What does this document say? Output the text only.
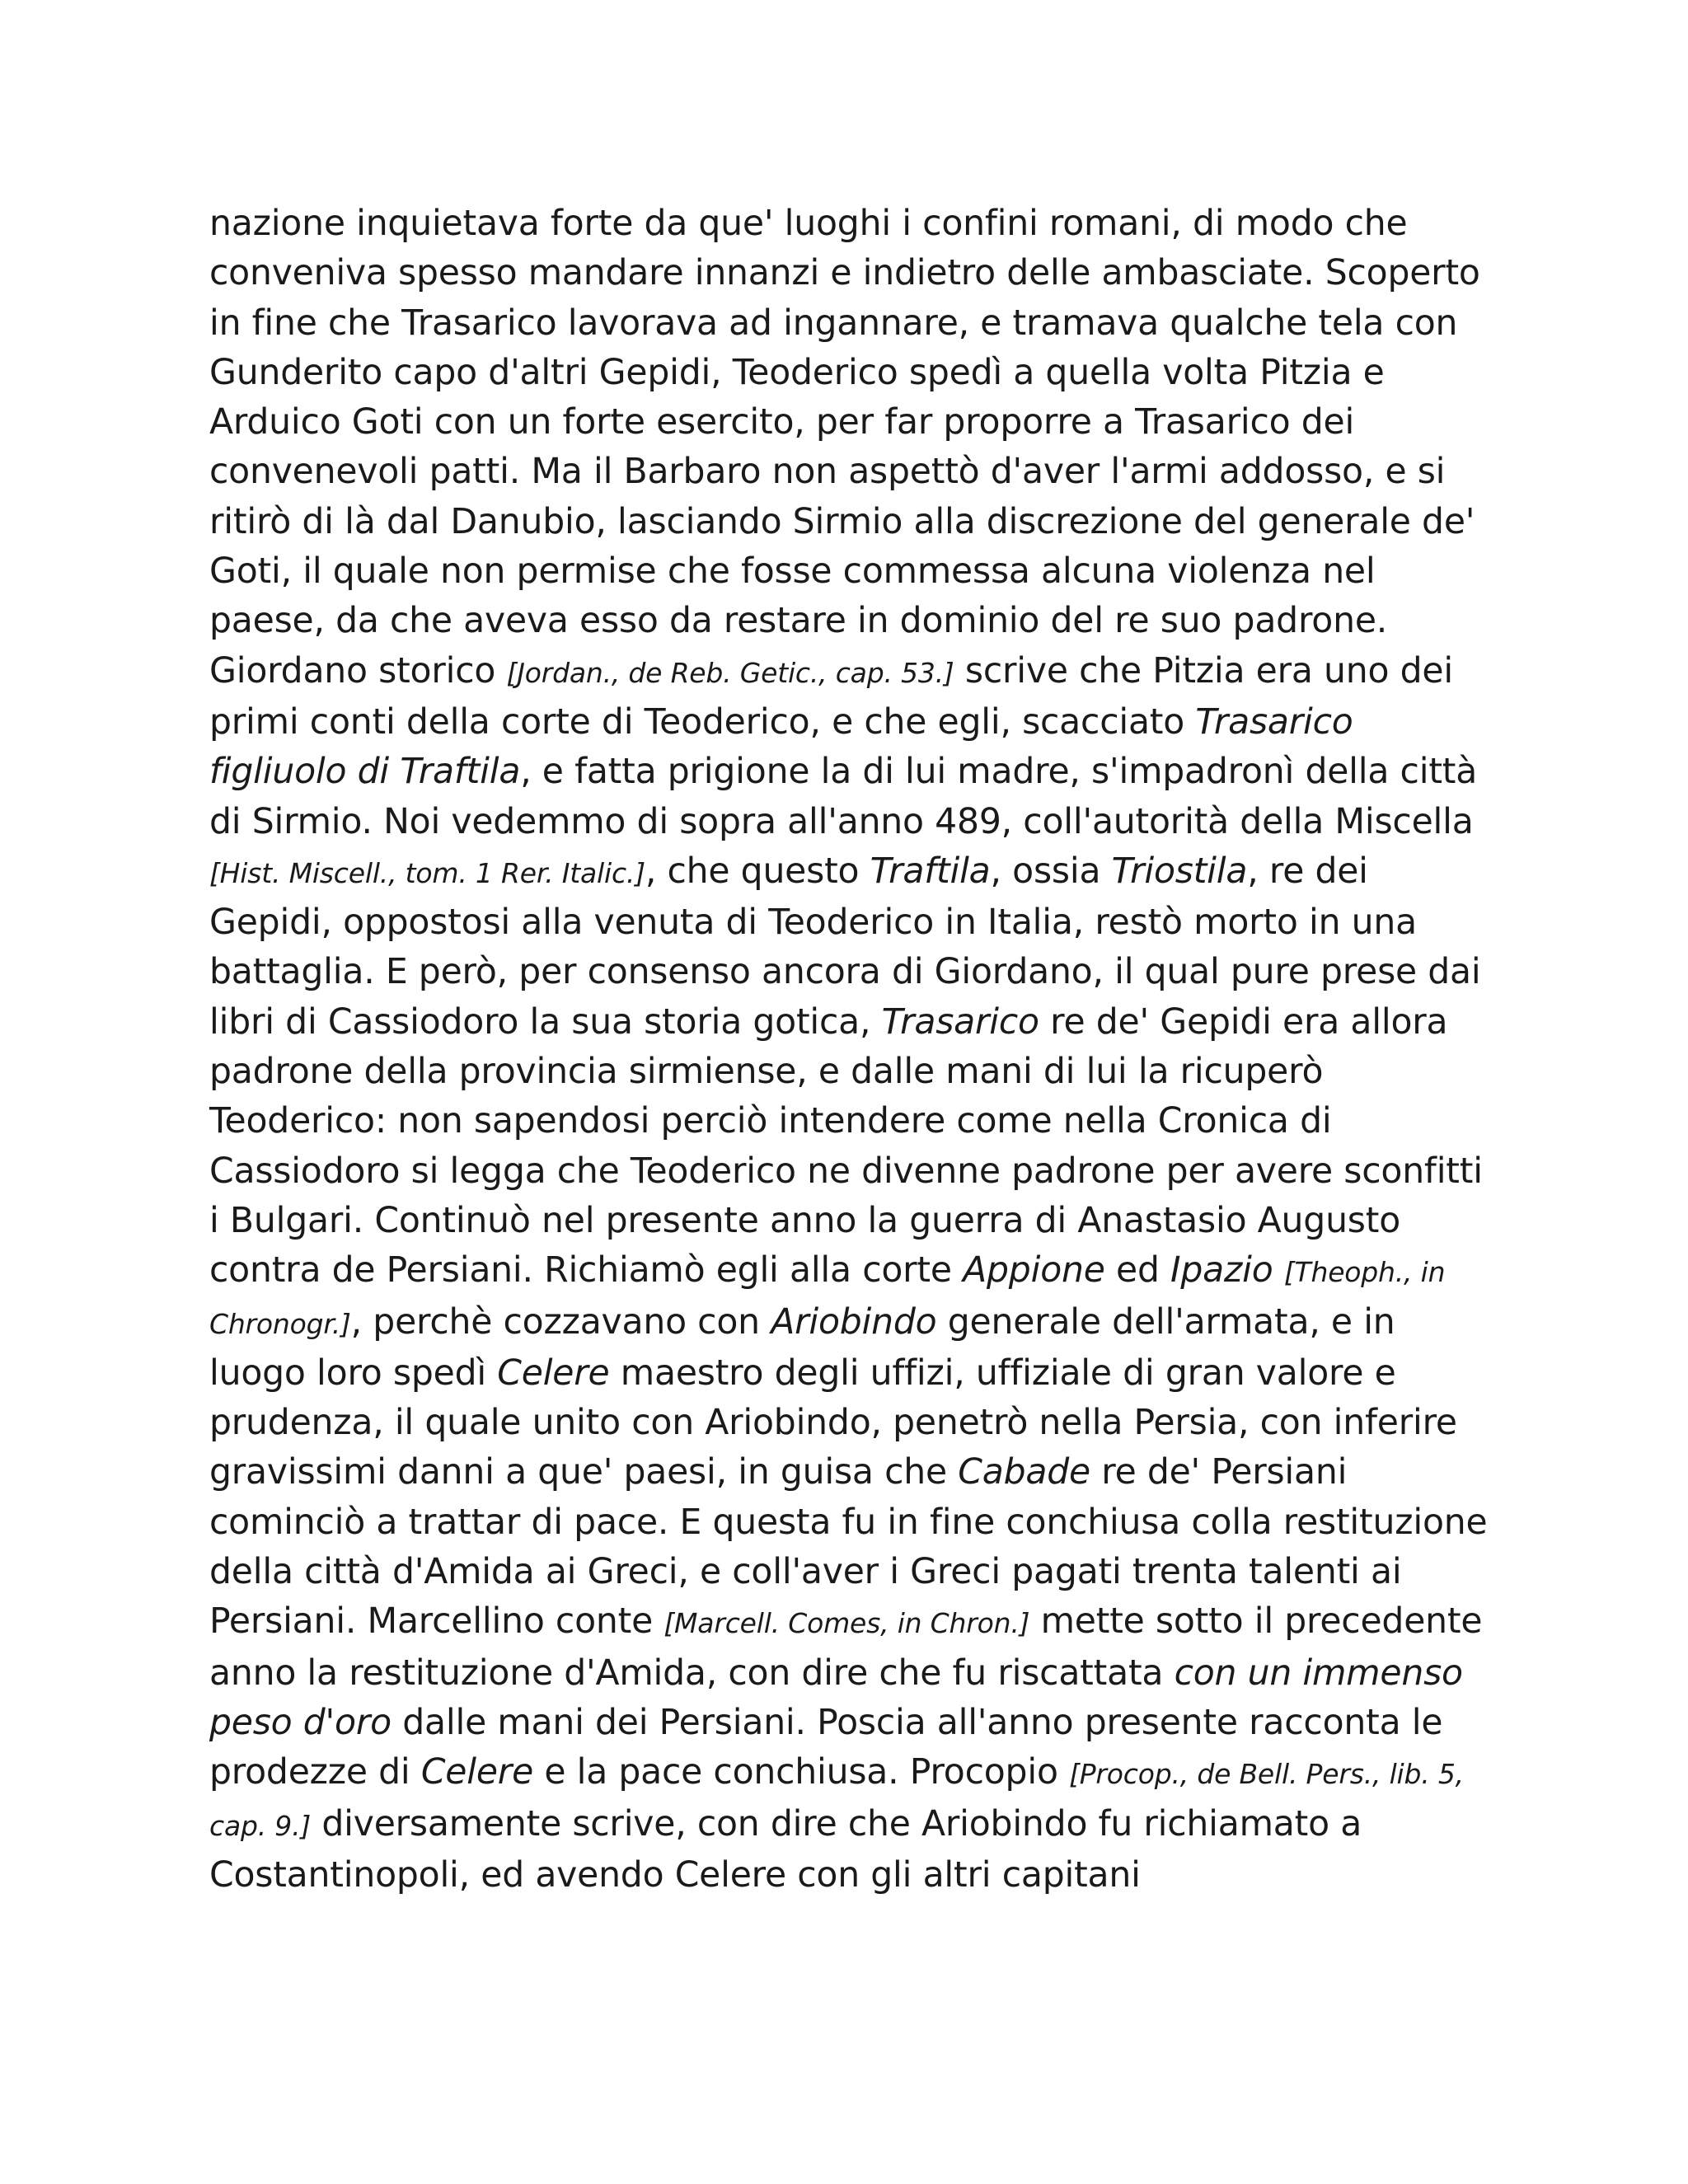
nazione inquietava forte da que' luoghi i confini romani, di modo che conveniva spesso mandare innanzi e indietro delle ambasciate. Scoperto in fine che Trasarico lavorava ad ingannare, e tramava qualche tela con Gunderito capo d'altri Gepidi, Teoderico spedì a quella volta Pitzia e Arduico Goti con un forte esercito, per far proporre a Trasarico dei convenevoli patti. Ma il Barbaro non aspettò d'aver l'armi addosso, e si ritirò di là dal Danubio, lasciando Sirmio alla discrezione del generale de' Goti, il quale non permise che fosse commessa alcuna violenza nel paese, da che aveva esso da restare in dominio del re suo padrone. Giordano storico [Jordan., de Reb. Getic., cap. 53.] scrive che Pitzia era uno dei primi conti della corte di Teoderico, e che egli, scacciato Trasarico figliuolo di Traftila, e fatta prigione la di lui madre, s'impadronì della città di Sirmio. Noi vedemmo di sopra all'anno 489, coll'autorità della Miscella [Hist. Miscell., tom. 1 Rer. Italic.], che questo Traftila, ossia Triostila, re dei Gepidi, oppostosi alla venuta di Teoderico in Italia, restò morto in una battaglia. E però, per consenso ancora di Giordano, il qual pure prese dai libri di Cassiodoro la sua storia gotica, Trasarico re de' Gepidi era allora padrone della provincia sirmiense, e dalle mani di lui la ricuperò Teoderico: non sapendosi perciò intendere come nella Cronica di Cassiodoro si legga che Teoderico ne divenne padrone per avere sconfitti i Bulgari. Continuò nel presente anno la guerra di Anastasio Augusto contra de Persiani. Richiamò egli alla corte Appione ed Ipazio [Theoph., in Chronogr.], perchè cozzavano con Ariobindo generale dell'armata, e in luogo loro spedì Celere maestro degli uffizi, uffiziale di gran valore e prudenza, il quale unito con Ariobindo, penetrò nella Persia, con inferire gravissimi danni a que' paesi, in guisa che Cabade re de' Persiani cominciò a trattar di pace. E questa fu in fine conchiusa colla restituzione della città d'Amida ai Greci, e coll'aver i Greci pagati trenta talenti ai Persiani. Marcellino conte [Marcell. Comes, in Chron.] mette sotto il precedente anno la restituzione d'Amida, con dire che fu riscattata con un immenso peso d'oro dalle mani dei Persiani. Poscia all'anno presente racconta le prodezze di Celere e la pace conchiusa. Procopio [Procop., de Bell. Pers., lib. 5, cap. 9.] diversamente scrive, con dire che Ariobindo fu richiamato a Costantinopoli, ed avendo Celere con gli altri capitani
